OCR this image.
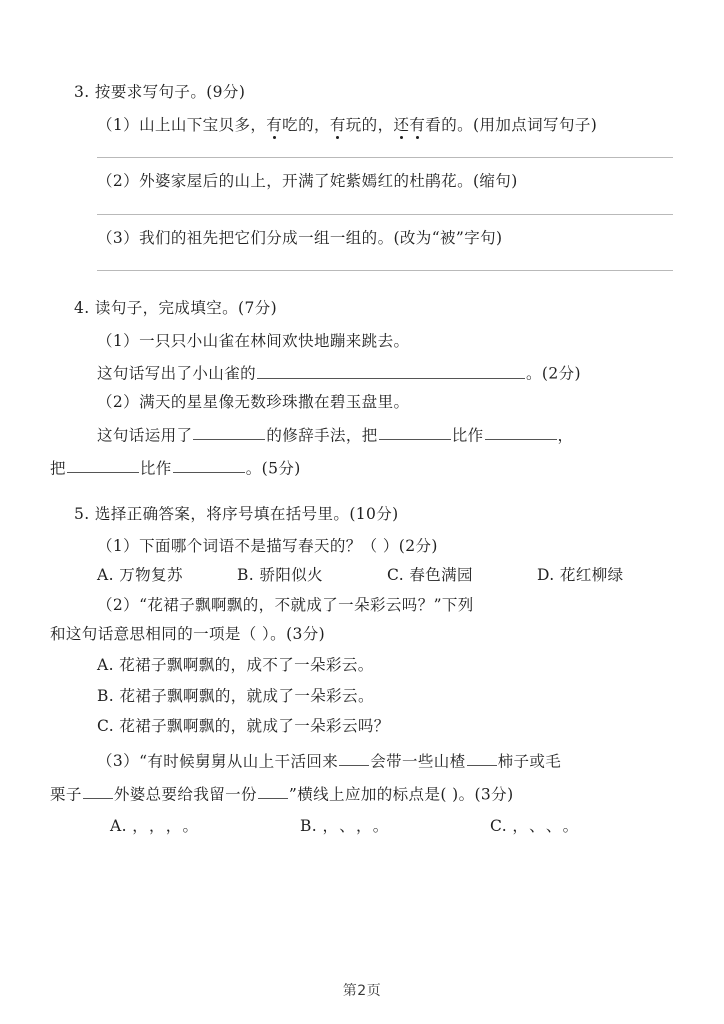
3. 按要求写句子。(9分)
（1）山上山下宝贝多，有吃的，有玩的，还有看的。(用加点词写句子)
（2）外婆家屋后的山上，开满了姹紫嫣红的杜鹃花。(缩句)
（3）我们的祖先把它们分成一组一组的。(改为“被”字句)
4. 读句子，完成填空。(7分)
（1）一只只小山雀在林间欢快地蹦来跳去。
这句话写出了小山雀的	。(2分)
（2）满天的星星像无数珍珠撒在碧玉盘里。
这句话运用了	的修辞手法，把	比作	，
把	比作	。(5分)
5. 选择正确答案，将序号填在括号里。(10分)
（1）下面哪个词语不是描写春天的？（ ）(2分)
A. 万物复苏	B. 骄阳似火	C. 春色满园	D. 花红柳绿
（2）“花裙子飘啊飘的，不就成了一朵彩云吗？”下列
和这句话意思相同的一项是（ ）。(3分)
A. 花裙子飘啊飘的，成不了一朵彩云。
B. 花裙子飘啊飘的，就成了一朵彩云。
C. 花裙子飘啊飘的，就成了一朵彩云吗？
（3）“有时候舅舅从山上干活回来 会带一些山楂 柿子或毛
栗子 外婆总要给我留一份 ”横线上应加的标点是( )。(3分)
A. ，，，。	B. ，、，。	C. ，、、。
第2页
